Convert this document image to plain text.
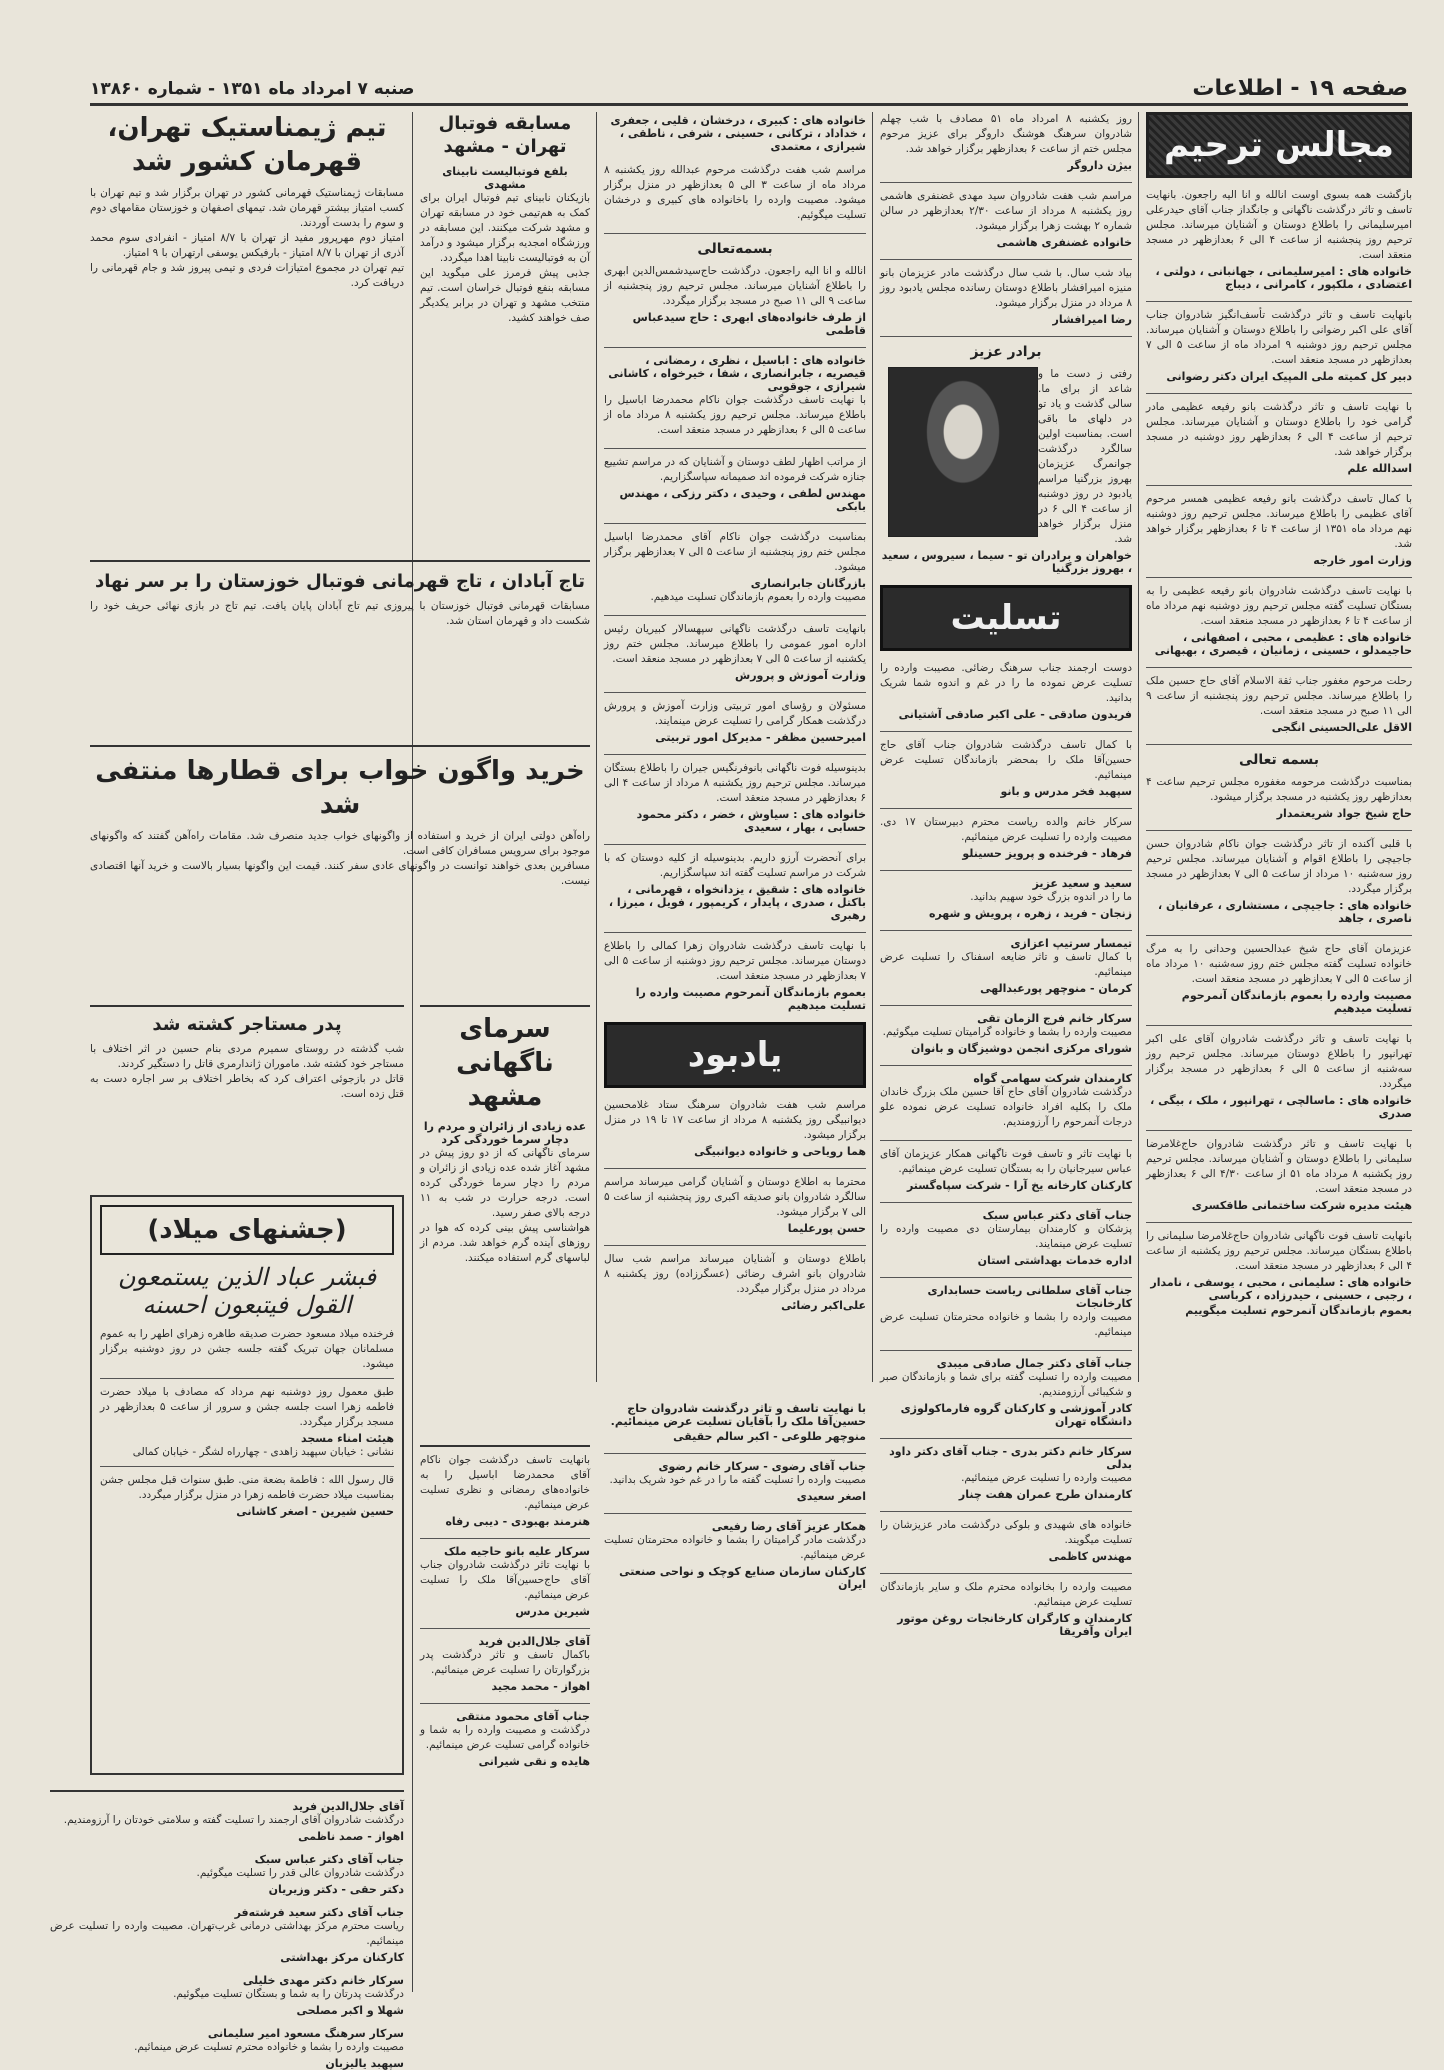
صفحه ۱۹ - اطلاعات
صنبه ۷ امرداد ماه ۱۳۵۱ - شماره ۱۳۸۶۰
مجالس ترحیم

بازگشت همه بسوی اوست انالله و انا الیه راجعون. بانهایت تاسف و تاثر درگذشت ناگهانی و جانگداز جناب آقای حیدرعلی امیرسلیمانی را باطلاع دوستان و آشنایان میرساند. مجلس ترحیم روز پنجشنبه از ساعت ۴ الی ۶ بعدازظهر در مسجد منعقد است.

خانواده های : امیرسلیمانی ، جهانبانی ، دولتی ، اعتضادی ، ملکپور ، کامرانی ، دیباج

بانهایت تاسف و تاثر درگذشت تأسف‌انگیز شادروان جناب آقای علی اکبر رضوانی را باطلاع دوستان و آشنایان میرساند. مجلس ترحیم روز دوشنبه ۹ امرداد ماه از ساعت ۵ الی ۷ بعدازظهر در مسجد منعقد است.

دبیر کل کمیته ملی المپیک ایران دکتر رضوانی

با نهایت تاسف و تاثر درگذشت بانو رفیعه عظیمی مادر گرامی خود را باطلاع دوستان و آشنایان میرساند. مجلس ترحیم از ساعت ۴ الی ۶ بعدازظهر روز دوشنبه در مسجد برگزار خواهد شد.

اسدالله علم

با کمال تاسف درگذشت بانو رفیعه عظیمی همسر مرحوم آقای عظیمی را باطلاع میرساند. مجلس ترحیم روز دوشنبه نهم مرداد ماه ۱۳۵۱ از ساعت ۴ تا ۶ بعدازظهر برگزار خواهد شد.

وزارت امور خارجه

با نهایت تاسف درگذشت شادروان بانو رفیعه عظیمی را به بستگان تسلیت گفته مجلس ترحیم روز دوشنبه نهم مرداد ماه از ساعت ۴ تا ۶ بعدازظهر در مسجد منعقد است.

خانواده های : عظیمی ، محبی ، اصفهانی ، حاجیمدلو ، حسینی ، زمانیان ، قیصری ، بهبهانی

رحلت مرحوم مغفور جناب ثقة الاسلام آقای حاج حسین ملک را باطلاع میرساند. مجلس ترحیم روز پنجشنبه از ساعت ۹ الی ۱۱ صبح در مسجد منعقد است.

الاقل علی‌الحسینی انگجی

بسمه تعالی

بمناسبت درگذشت مرحومه مغفوره مجلس ترحیم ساعت ۴ بعدازظهر روز یکشنبه در مسجد برگزار میشود.

حاج شیخ جواد شریعتمدار

با قلبی آکنده از تاثر درگذشت جوان ناکام شادروان حسن جاجیچی را باطلاع اقوام و آشنایان میرساند. مجلس ترحیم روز سه‌شنبه ۱۰ مرداد از ساعت ۵ الی ۷ بعدازظهر در مسجد برگزار میگردد.

خانواده های : جاجیچی ، مستشاری ، عرفانیان ، ناصری ، جاهد

عزیزمان آقای حاج شیخ عبدالحسین وحدانی را به مرگ خانواده تسلیت گفته مجلس ختم روز سه‌شنبه ۱۰ مرداد ماه از ساعت ۵ الی ۷ بعدازظهر در مسجد منعقد است.

مصیبت وارده را بعموم بازماندگان آنمرحوم تسلیت میدهیم

با نهایت تاسف و تاثر درگذشت شادروان آقای علی اکبر تهرانپور را باطلاع دوستان میرساند. مجلس ترحیم روز سه‌شنبه از ساعت ۵ الی ۶ بعدازظهر در مسجد برگزار میگردد.

خانواده های : ماسالچی ، تهرانپور ، ملک ، بیگی ، صدری

با نهایت تاسف و تاثر درگذشت شادروان حاج‌غلامرضا سلیمانی را باطلاع دوستان و آشنایان میرساند. مجلس ترحیم روز یکشنبه ۸ مرداد ماه ۵۱ از ساعت ۴/۳۰ الی ۶ بعدازظهر در مسجد منعقد است.

هیئت مدیره شرکت ساختمانی طاقکسری

بانهایت تاسف فوت ناگهانی شادروان حاج‌غلامرضا سلیمانی را باطلاع بستگان میرساند. مجلس ترحیم روز یکشنبه از ساعت ۴ الی ۶ بعدازظهر در مسجد منعقد است.

خانواده های : سلیمانی ، محبی ، یوسفی ، نامدار ، رجبی ، حسینی ، حیدرزاده ، کرباسی

بعموم بازماندگان آنمرحوم تسلیت میگوییم

روز یکشنبه ۸ امرداد ماه ۵۱ مصادف با شب چهلم شادروان سرهنگ هوشنگ داروگر برای عزیز مرحوم مجلس ختم از ساعت ۶ بعدازظهر برگزار خواهد شد.

بیژن داروگر

مراسم شب هفت شادروان سید مهدی غضنفری هاشمی روز یکشنبه ۸ مرداد از ساعت ۲/۳۰ بعدازظهر در سالن شماره ۲ بهشت زهرا برگزار میشود.

خانواده غضنفری هاشمی

بیاد شب سال. با شب سال درگذشت مادر عزیزمان بانو منیزه امیرافشار باطلاع دوستان رسانده مجلس یادبود روز ۸ مرداد در منزل برگزار میشود.

رضا امیرافشار

برادر عزیز

رفتی ز دست ما و شاعد از برای ما. سالی گذشت و یاد تو در دلهای ما باقی است. بمناسبت اولین سالگرد درگذشت جوانمرگ عزیزمان بهروز بزرگنیا مراسم یادبود در روز دوشنبه از ساعت ۴ الی ۶ در منزل برگزار خواهد شد.

خواهران و برادران تو - سیما ، سیروس ، سعید ، بهروز بزرگنیا

تسلیت

دوست ارجمند جناب سرهنگ رضائی. مصیبت وارده را تسلیت عرض نموده ما را در غم و اندوه شما شریک بدانید.

فریدون صادقی - علی اکبر صادقی آشتیانی

با کمال تاسف درگذشت شادروان جناب آقای حاج حسین‌آقا ملک را بمحضر بازماندگان تسلیت عرض مینمائیم.

سپهبد فخر مدرس و بانو

سرکار خانم والده ریاست محترم دبیرستان ۱۷ دی. مصیبت وارده را تسلیت عرض مینمائیم.

فرهاد - فرخنده و پرویز حسینلو

سعید و سعید عزیز

ما را در اندوه بزرگ خود سهیم بدانید.

زنجان - فرید ، زهره ، پرویش و شهره

تیمسار سرتیپ اعزازی

با کمال تاسف و تاثر ضایعه اسفناک را تسلیت عرض مینمائیم.

کرمان - منوچهر پورعبدالهی

سرکار خانم فرج الزمان تقی

مصیبت وارده را بشما و خانواده گرامیتان تسلیت میگوئیم.

شورای مرکزی انجمن دوشیزگان و بانوان

کارمندان شرکت سهامی گواه

درگذشت شادروان آقای حاج آقا حسین ملک بزرگ خاندان ملک را بکلیه افراد خانواده تسلیت عرض نموده علو درجات آنمرحوم را آرزومندیم.

با نهایت تاثر و تاسف فوت ناگهانی همکار عزیزمان آقای عباس سیرجانیان را به بستگان تسلیت عرض مینمائیم.

کارکنان کارخانه یخ آرا - شرکت سپاه‌گستر

جناب آقای دکتر عباس سبک

پزشکان و کارمندان بیمارستان دی مصیبت وارده را تسلیت عرض مینمایند.

اداره خدمات بهداشتی استان

جناب آقای سلطانی ریاست حسابداری کارخانجات

مصیبت وارده را بشما و خانواده محترمتان تسلیت عرض مینمائیم.

جناب آقای دکتر جمال صادقی میبدی

مصیبت وارده را تسلیت گفته برای شما و بازماندگان صبر و شکیبائی آرزومندیم.

کادر آموزشی و کارکنان گروه فارماکولوژی دانشگاه تهران

سرکار خانم دکتر بدری - جناب آقای دکتر داود بدلی

مصیبت وارده را تسلیت عرض مینمائیم.

کارمندان طرح عمران هفت چنار

خانواده های شهیدی و بلوکی درگذشت مادر عزیزشان را تسلیت میگویند.

مهندس کاظمی

مصیبت وارده را بخانواده محترم ملک و سایر بازماندگان تسلیت عرض مینمائیم.

کارمندان و کارگران کارخانجات روغن موتور ایران وآفریقا

خانواده های : کبیری ، درخشان ، قلیی ، جعفری ، خداداد ، ترکانی ، حسینی ، شرفی ، ناطقی ، شیرازی ، معتمدی

مراسم شب هفت درگذشت مرحوم عبدالله روز یکشنبه ۸ مرداد ماه از ساعت ۳ الی ۵ بعدازظهر در منزل برگزار میشود. مصیبت وارده را باخانواده های کبیری و درخشان تسلیت میگوئیم.

بسمه‌تعالی

انالله و انا الیه راجعون. درگذشت حاج‌سیدشمس‌الدین ابهری را باطلاع آشنایان میرساند. مجلس ترحیم روز پنجشنبه از ساعت ۹ الی ۱۱ صبح در مسجد برگزار میگردد.

از طرف خانواده‌های ابهری : حاج سیدعباس قاطمی

خانواده های : اباسیل ، نظری ، رمضانی ، قیصریه ، جابرانصاری ، شفا ، خیرخواه ، کاشانی شیرازی ، جوقوبی

با نهایت تاسف درگذشت جوان ناکام محمدرضا اباسیل را باطلاع میرساند. مجلس ترحیم روز یکشنبه ۸ مرداد ماه از ساعت ۵ الی ۶ بعدازظهر در مسجد منعقد است.

از مراتب اظهار لطف دوستان و آشنایان که در مراسم تشییع جنازه شرکت فرموده اند صمیمانه سپاسگزاریم.

مهندس لطفی ، وحیدی ، دکتر رزکی ، مهندس بابکی

بمناسبت درگذشت جوان ناکام آقای محمدرضا اباسیل مجلس ختم روز پنجشنبه از ساعت ۵ الی ۷ بعدازظهر برگزار میشود.

بازرگانان جابرانصاری

مصیبت وارده را بعموم بازماندگان تسلیت میدهیم.

بانهایت تاسف درگذشت ناگهانی سپهسالار کبیریان رئیس اداره امور عمومی را باطلاع میرساند. مجلس ختم روز یکشنبه از ساعت ۵ الی ۷ بعدازظهر در مسجد منعقد است.

وزارت آموزش و پرورش

مسئولان و رؤسای امور تربیتی وزارت آموزش و پرورش درگذشت همکار گرامی را تسلیت عرض مینمایند.

امیرحسین مظفر - مدیرکل امور تربیتی

بدینوسیله فوت ناگهانی بانوفرنگیس جیران را باطلاع بستگان میرساند. مجلس ترحیم روز یکشنبه ۸ مرداد از ساعت ۴ الی ۶ بعدازظهر در مسجد منعقد است.

خانواده های : سیاوش ، خضر ، دکتر محمود حسابی ، بهار ، سعیدی

برای آنحضرت آرزو داریم. بدینوسیله از کلیه دوستان که با شرکت در مراسم تسلیت گفته اند سپاسگزاریم.

خانواده های : شقیق ، یزدانخواه ، قهرمانی ، باکتل ، صدری ، پایدار ، کریمپور ، فویل ، میرزا ، رهبری

با نهایت تاسف درگذشت شادروان زهرا کمالی را باطلاع دوستان میرساند. مجلس ترحیم روز دوشنبه از ساعت ۵ الی ۷ بعدازظهر در مسجد منعقد است.

بعموم بازماندگان آنمرحوم مصیبت وارده را تسلیت میدهیم

یادبود

مراسم شب هفت شادروان سرهنگ ستاد غلامحسین دیوانبیگی روز یکشنبه ۸ مرداد از ساعت ۱۷ تا ۱۹ در منزل برگزار میشود.

هما رویاحی و خانواده دیوانبیگی

محترما به اطلاع دوستان و آشنایان گرامی میرساند مراسم سالگرد شادروان بانو صدیقه اکبری روز پنجشنبه از ساعت ۵ الی ۷ برگزار میشود.

حسن پورعلیما

باطلاع دوستان و آشنایان میرساند مراسم شب سال شادروان بانو اشرف رضائی (عسگرزاده) روز یکشنبه ۸ مرداد در منزل برگزار میگردد.

علی‌اکبر رضائی

مسابقه فوتبال تهران - مشهد

بلفع فوتبالیست نابینای مشهدی

بازیکنان نابینای تیم فوتبال ایران برای کمک به هم‌تیمی خود در مسابقه تهران و مشهد شرکت میکنند. این مسابقه در ورزشگاه امجدیه برگزار میشود و درآمد آن به فوتبالیست نابینا اهدا میگردد.

جذبی پیش فرمرز علی میگوید این مسابقه بنفع فوتبال خراسان است. تیم منتخب مشهد و تهران در برابر یکدیگر صف خواهند کشید.

تیم ژیمناستیک تهران، قهرمان کشور شد

مسابقات ژیمناستیک قهرمانی کشور در تهران برگزار شد و تیم تهران با کسب امتیاز بیشتر قهرمان شد. تیمهای اصفهان و خوزستان مقامهای دوم و سوم را بدست آوردند.

امتیاز دوم مهرپرور مفید از تهران با ۸/۷ امتیاز - انفرادی سوم محمد آذری از تهران با ۸/۷ امتیاز - بارفیکس یوسفی ارتهران با ۹ امتیاز.

تیم تهران در مجموع امتیازات فردی و تیمی پیروز شد و جام قهرمانی را دریافت کرد.

تاج آبادان ، تاج قهرمانی فوتبال خوزستان را بر سر نهاد

مسابقات قهرمانی فوتبال خوزستان با پیروزی تیم تاج آبادان پایان یافت. تیم تاج در بازی نهائی حریف خود را شکست داد و قهرمان استان شد.

خرید واگون خواب برای قطارها منتفی شد

راه‌آهن دولتی ایران از خرید و استفاده از واگونهای خواب جدید منصرف شد. مقامات راه‌آهن گفتند که واگونهای موجود برای سرویس مسافران کافی است.

مسافرین بعدی خواهند توانست در واگونهای عادی سفر کنند. قیمت این واگونها بسیار بالاست و خرید آنها اقتصادی نیست.

پدر مستاجر کشته شد

شب گذشته در روستای سمیرم مردی بنام حسین در اثر اختلاف با مستاجر خود کشته شد. ماموران ژاندارمری قاتل را دستگیر کردند.

قاتل در بازجوئی اعتراف کرد که بخاطر اختلاف بر سر اجاره دست به قتل زده است.

(جشنهای میلاد)

فبشر عباد الذین یستمعون القول فیتبعون احسنه

فرخنده میلاد مسعود حضرت صدیقه طاهره زهرای اطهر را به عموم مسلمانان جهان تبریک گفته جلسه جشن در روز دوشنبه برگزار میشود.

طبق معمول روز دوشنبه نهم مرداد که مصادف با میلاد حضرت فاطمه زهرا است جلسه جشن و سرور از ساعت ۵ بعدازظهر در مسجد برگزار میگردد.

هیئت امناء مسجد

نشانی : خیابان سپهبد زاهدی - چهارراه لشگر - خیابان کمالی

قال رسول الله : فاطمة بضعة منی. طبق سنوات قبل مجلس جشن بمناسبت میلاد حضرت فاطمه زهرا در منزل برگزار میگردد.

حسین شیرین - اصغر کاشانی

سرمای ناگهانی مشهد

عده زیادی از زائران و مردم را دچار سرما خوردگی کرد

سرمای ناگهانی که از دو روز پیش در مشهد آغاز شده عده زیادی از زائران و مردم را دچار سرما خوردگی کرده است. درجه حرارت در شب به ۱۱ درجه بالای صفر رسید.

هواشناسی پیش بینی کرده که هوا در روزهای آینده گرم خواهد شد. مردم از لباسهای گرم استفاده میکنند.

با نهایت تاسف و تاثر درگذشت شادروان حاج حسین‌آقا ملک را بآقایان تسلیت عرض مینمائیم.

منوچهر طلوعی - اکبر سالم حقیقی

جناب آقای رضوی - سرکار خانم رضوی

مصیبت وارده را تسلیت گفته ما را در غم خود شریک بدانید.

اصغر سعیدی

همکار عزیز آقای رضا رفیعی

درگذشت مادر گرامیتان را بشما و خانواده محترمتان تسلیت عرض مینمائیم.

کارکنان سازمان صنایع کوچک و نواحی صنعتی ایران

بانهایت تاسف درگذشت جوان ناکام آقای محمدرضا اباسیل را به خانواده‌های رمضانی و نظری تسلیت عرض مینمائیم.

هنرمند بهبودی - دیبی رفاه

سرکار علیه بانو حاجیه ملک

با نهایت تاثر درگذشت شادروان جناب آقای حاج‌حسین‌آقا ملک را تسلیت عرض مینمائیم.

شیرین مدرس

آقای جلال‌الدین فرید

باکمال تاسف و تاثر درگذشت پدر بزرگوارتان را تسلیت عرض مینمائیم.

اهواز - محمد مجید

جناب آقای محمود منتقی

درگذشت و مصیبت وارده را به شما و خانواده گرامی تسلیت عرض مینمائیم.

هایده و نقی شیرانی

آقای جلال‌الدین فرید

درگذشت شادروان آقای ارجمند را تسلیت گفته و سلامتی خودتان را آرزومندیم.

اهواز - صمد ناظمی

جناب آقای دکتر عباس سبک

درگذشت شادروان عالی قدر را تسلیت میگوئیم.

دکتر حقی - دکتر وزیریان

جناب آقای دکتر سعید فرشته‌فر

ریاست محترم مرکز بهداشتی درمانی غرب‌تهران. مصیبت وارده را تسلیت عرض مینمائیم.

کارکنان مرکز بهداشتی

سرکار خانم دکتر مهدی خلیلی

درگذشت پدرتان را به شما و بستگان تسلیت میگوئیم.

شهلا و اکبر مصلحی

سرکار سرهنگ مسعود امیر سلیمانی

مصیبت وارده را بشما و خانواده محترم تسلیت عرض مینمائیم.

سپهبد یالیزبان
